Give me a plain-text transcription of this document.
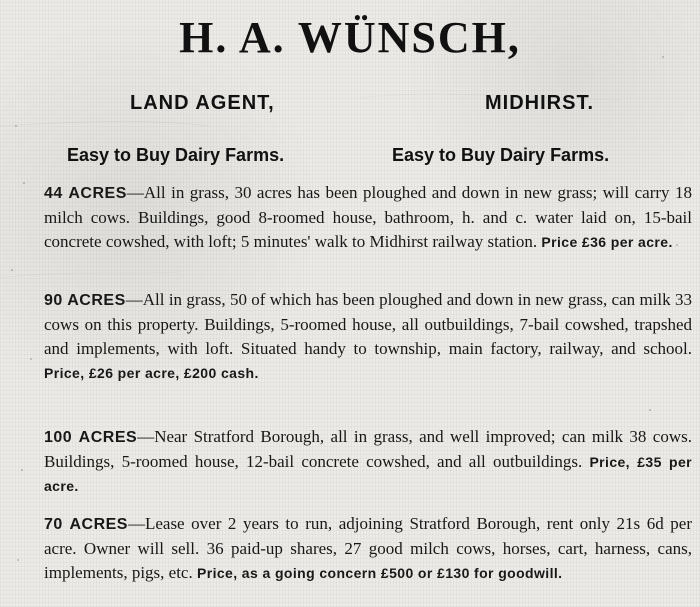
H. A. WÜNSCH,
LAND AGENT,	MIDHIRST.
Easy to Buy Dairy Farms.	Easy to Buy Dairy Farms.
44 ACRES—All in grass, 30 acres has been ploughed and down in new grass; will carry 18 milch cows. Buildings, good 8-roomed house, bathroom, h. and c. water laid on, 15-bail concrete cowshed, with loft; 5 minutes' walk to Midhirst railway station. Price £36 per acre.
90 ACRES—All in grass, 50 of which has been ploughed and down in new grass, can milk 33 cows on this property. Buildings, 5-roomed house, all outbuildings, 7-bail cowshed, trapshed and implements, with loft. Situated handy to township, main factory, railway, and school. Price, £26 per acre, £200 cash.
100 ACRES—Near Stratford Borough, all in grass, and well improved; can milk 38 cows. Buildings, 5-roomed house, 12-bail concrete cowshed, and all outbuildings. Price, £35 per acre.
70 ACRES—Lease over 2 years to run, adjoining Stratford Borough, rent only 21s 6d per acre. Owner will sell. 36 paid-up shares, 27 good milch cows, horses, cart, harness, cans, implements, pigs, etc. Price, as a going concern £500 or £130 for goodwill.
